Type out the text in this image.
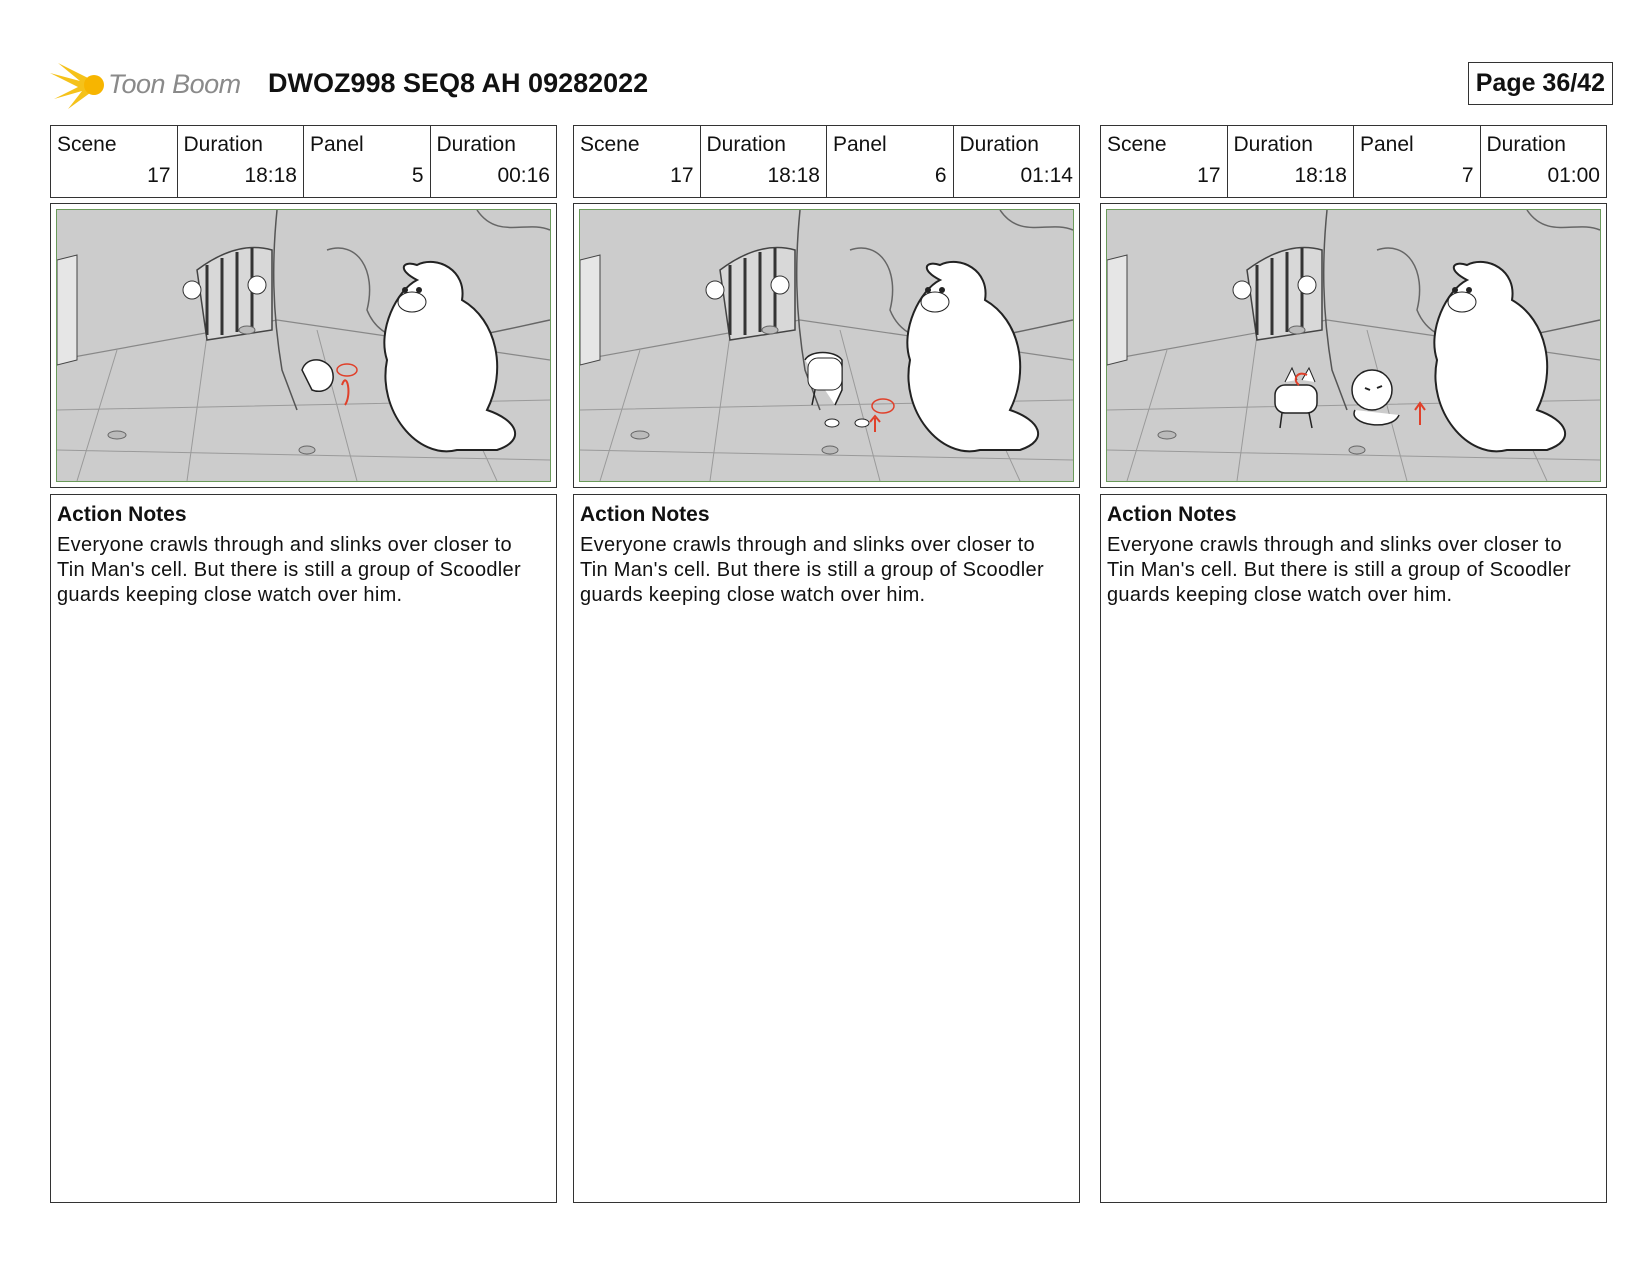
Toon Boom DWOZ998 SEQ8 AH 09282022	Page 36/42
Scene
17
Duration
18:18
Panel
5
Duration
00:16
Action Notes
Everyone crawls through and slinks over closer to Tin Man's cell. But there is still a group of Scoodler guards keeping close watch over him.
Scene
17
Duration
18:18
Panel
6
Duration
01:14
Action Notes
Everyone crawls through and slinks over closer to Tin Man's cell. But there is still a group of Scoodler guards keeping close watch over him.
Scene
17
Duration
18:18
Panel
7
Duration
01:00
Action Notes
Everyone crawls through and slinks over closer to Tin Man's cell. But there is still a group of Scoodler guards keeping close watch over him.
